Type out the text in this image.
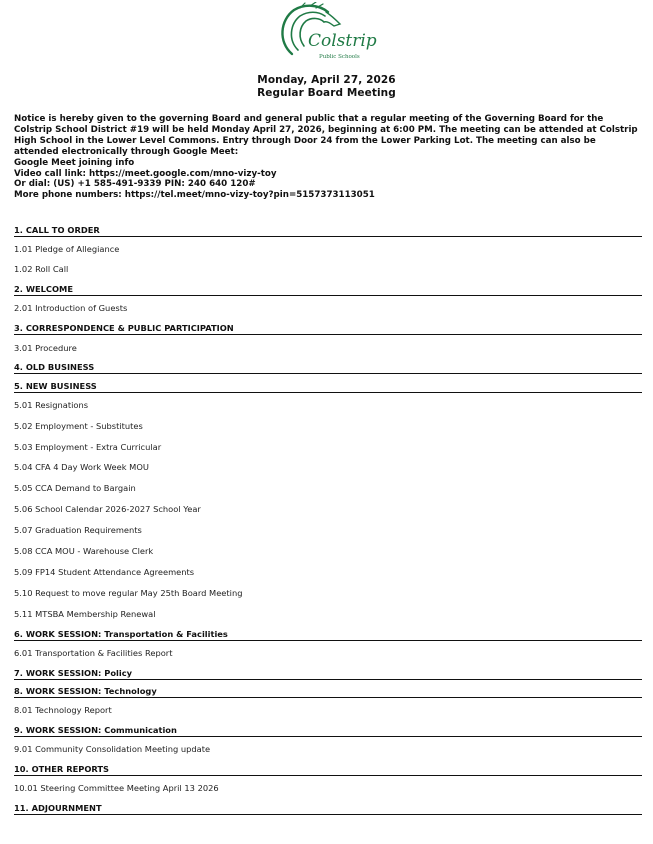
Colstrip
Public Schools
Monday, April 27, 2026
Regular Board Meeting
Notice is hereby given to the governing Board and general public that a regular meeting of the Governing Board for the Colstrip School District #19 will be held Monday April 27, 2026, beginning at 6:00 PM. The meeting can be attended at Colstrip High School in the Lower Level Commons. Entry through Door 24 from the Lower Parking Lot. The meeting can also be attended electronically through Google Meet:
Google Meet joining info
Video call link: https://meet.google.com/mno-vizy-toy
Or dial: (US) +1 585-491-9339 PIN: 240 640 120#
More phone numbers: https://tel.meet/mno-vizy-toy?pin=5157373113051
1. CALL TO ORDER
1.01 Pledge of Allegiance
1.02 Roll Call
2. WELCOME
2.01 Introduction of Guests
3. CORRESPONDENCE & PUBLIC PARTICIPATION
3.01 Procedure
4. OLD BUSINESS
5. NEW BUSINESS
5.01 Resignations
5.02 Employment - Substitutes
5.03 Employment - Extra Curricular
5.04 CFA 4 Day Work Week MOU
5.05 CCA Demand to Bargain
5.06 School Calendar 2026-2027 School Year
5.07 Graduation Requirements
5.08 CCA MOU - Warehouse Clerk
5.09 FP14 Student Attendance Agreements
5.10 Request to move regular May 25th Board Meeting
5.11 MTSBA Membership Renewal
6. WORK SESSION: Transportation & Facilities
6.01 Transportation & Facilities Report
7. WORK SESSION: Policy
8. WORK SESSION: Technology
8.01 Technology Report
9. WORK SESSION: Communication
9.01 Community Consolidation Meeting update
10. OTHER REPORTS
10.01 Steering Committee Meeting April 13 2026
11. ADJOURNMENT
